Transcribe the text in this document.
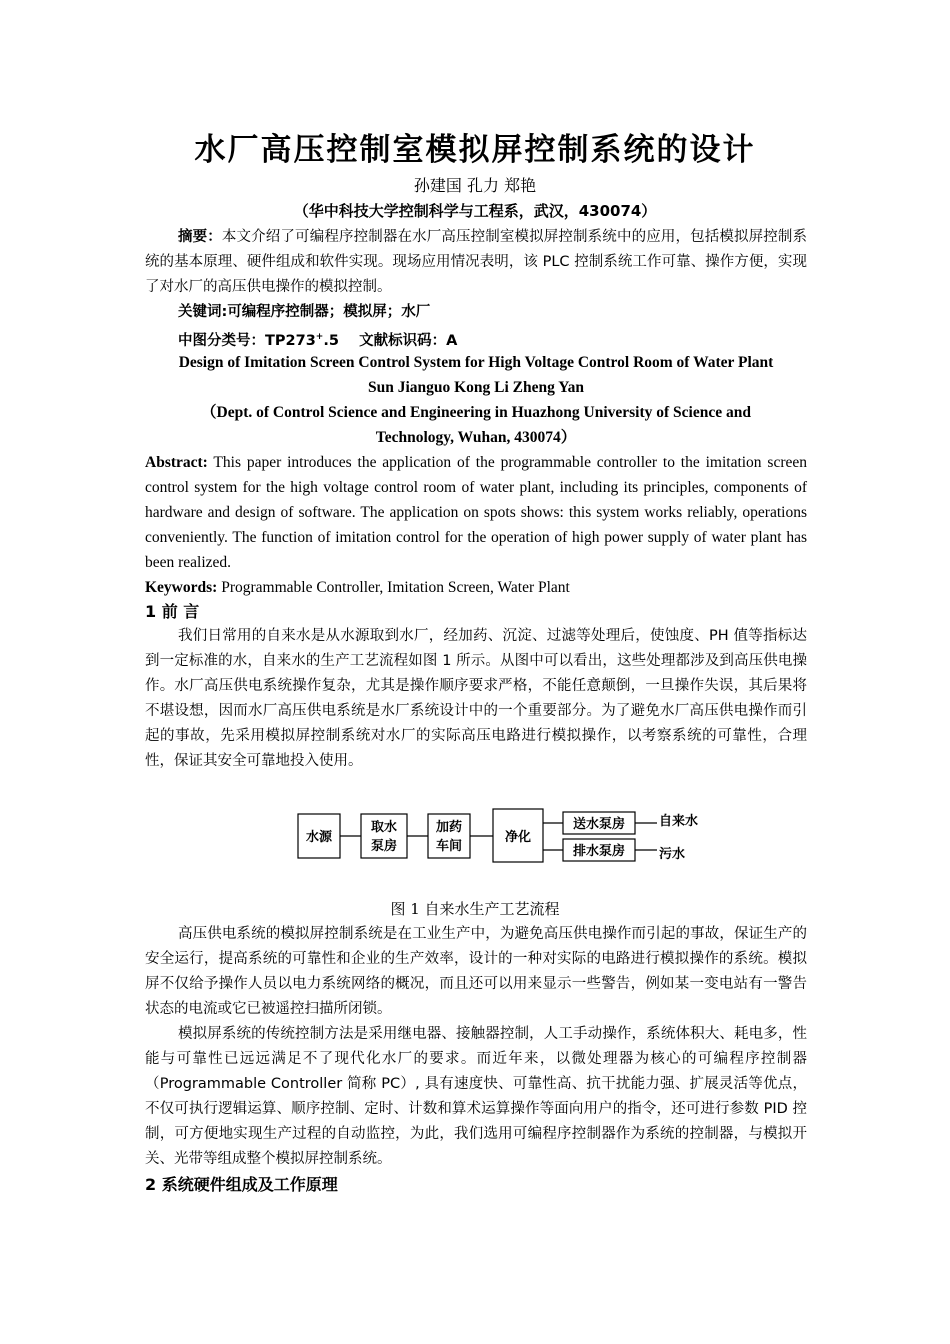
水厂高压控制室模拟屏控制系统的设计
孙建国 孔力 郑艳
（华中科技大学控制科学与工程系，武汉，430074）

摘要：本文介绍了可编程序控制器在水厂高压控制室模拟屏控制系统中的应用，包括模拟屏控制系统的基本原理、硬件组成和软件实现。现场应用情况表明，该 PLC 控制系统工作可靠、操作方便，实现了对水厂的高压供电操作的模拟控制。

关键词:可编程序控制器；模拟屏；水厂

中图分类号：TP273+.5 文献标识码：A

Design of Imitation Screen Control System for High Voltage Control Room of Water Plant
Sun Jianguo Kong Li Zheng Yan
（Dept. of Control Science and Engineering in Huazhong University of Science and
Technology, Wuhan, 430074）

Abstract: This paper introduces the application of the programmable controller to the imitation screen control system for the high voltage control room of water plant, including its principles, components of hardware and design of software. The application on spots shows: this system works reliably, operations conveniently. The function of imitation control for the operation of high power supply of water plant has been realized.

Keywords: Programmable Controller, Imitation Screen, Water Plant

1 前 言

我们日常用的自来水是从水源取到水厂，经加药、沉淀、过滤等处理后，使蚀度、PH 值等指标达到一定标准的水，自来水的生产工艺流程如图 1 所示。从图中可以看出，这些处理都涉及到高压供电操作。水厂高压供电系统操作复杂，尤其是操作顺序要求严格，不能任意颠倒，一旦操作失误，其后果将不堪设想，因而水厂高压供电系统是水厂系统设计中的一个重要部分。为了避免水厂高压供电操作而引起的事故，先采用模拟屏控制系统对水厂的实际高压电路进行模拟操作，以考察系统的可靠性，合理性，保证其安全可靠地投入使用。

水源
取水
泵房
加药
车间
净化
送水泵房
排水泵房
自来水
污水
图 1 自来水生产工艺流程

高压供电系统的模拟屏控制系统是在工业生产中，为避免高压供电操作而引起的事故，保证生产的安全运行，提高系统的可靠性和企业的生产效率，设计的一种对实际的电路进行模拟操作的系统。模拟屏不仅给予操作人员以电力系统网络的概况，而且还可以用来显示一些警告，例如某一变电站有一警告状态的电流或它已被遥控扫描所闭锁。

模拟屏系统的传统控制方法是采用继电器、接触器控制，人工手动操作，系统体积大、耗电多，性能与可靠性已远远满足不了现代化水厂的要求。而近年来，以微处理器为核心的可编程序控制器（Programmable Controller 简称 PC）, 具有速度快、可靠性高、抗干扰能力强、扩展灵活等优点，不仅可执行逻辑运算、顺序控制、定时、计数和算术运算操作等面向用户的指令，还可进行参数 PID 控制，可方便地实现生产过程的自动监控，为此，我们选用可编程序控制器作为系统的控制器，与模拟开关、光带等组成整个模拟屏控制系统。

2 系统硬件组成及工作原理
